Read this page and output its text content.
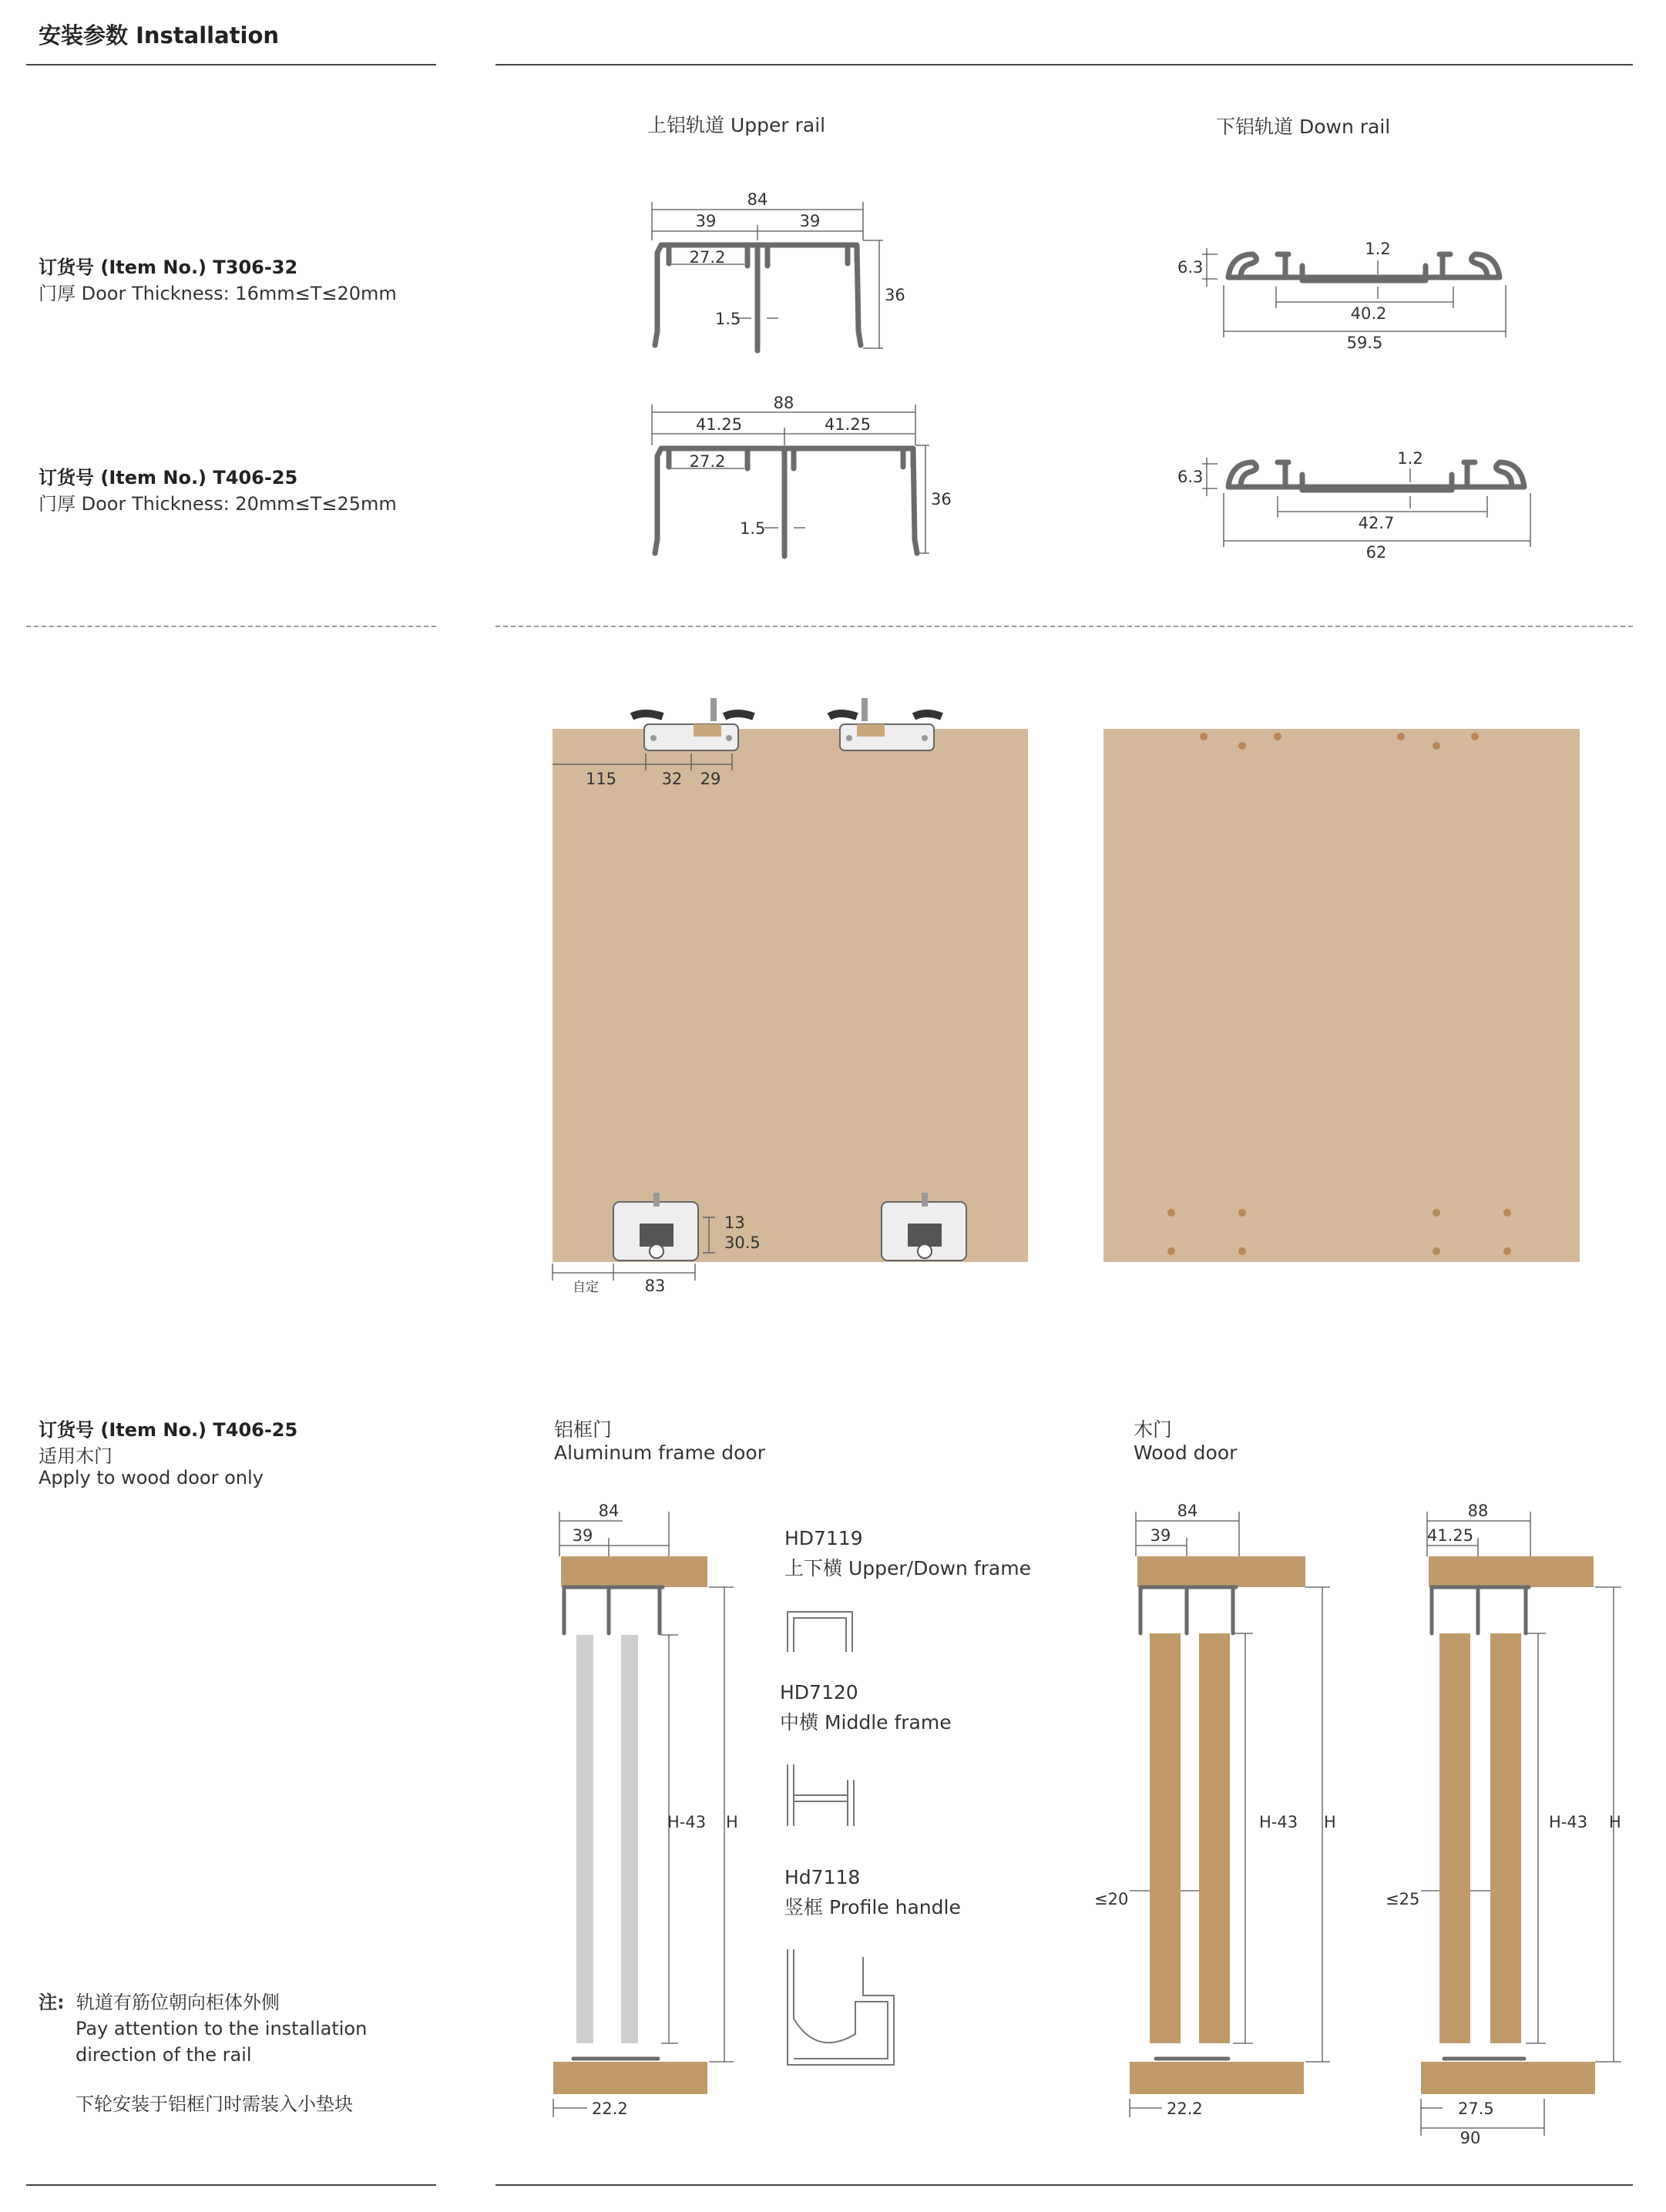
安装参数 Installation
上铝轨道 Upper rail	下铝轨道 Down rail
订货号 (Item No.) T306-32
门厚 Door Thickness: 16mm≤T≤20mm
订货号 (Item No.) T406-25
门厚 Door Thickness: 20mm≤T≤25mm
84
39	39
27.2
36
1.5
88
41.25	41.25
27.2
36
1.5
6.3
1.2
40.2
59.5
6.3
1.2
42.7
62
115	32 29
13
30.5
自定	83
订货号 (Item No.) T406-25
适用木门
Apply to wood door only
铝框门
Aluminum frame door
木门
Wood door
HD7119
上下横 Upper/Down frame
HD7120
中横 Middle frame
Hd7118
竖框 Profile handle
84
39
H-43 H
22.2
84
39
H-43 H
≤20
22.2
88
41.25
H-43 H
≤25
27.5
90
注: 轨道有筋位朝向柜体外侧
Pay attention to the installation
direction of the rail
下轮安装于铝框门时需装入小垫块
